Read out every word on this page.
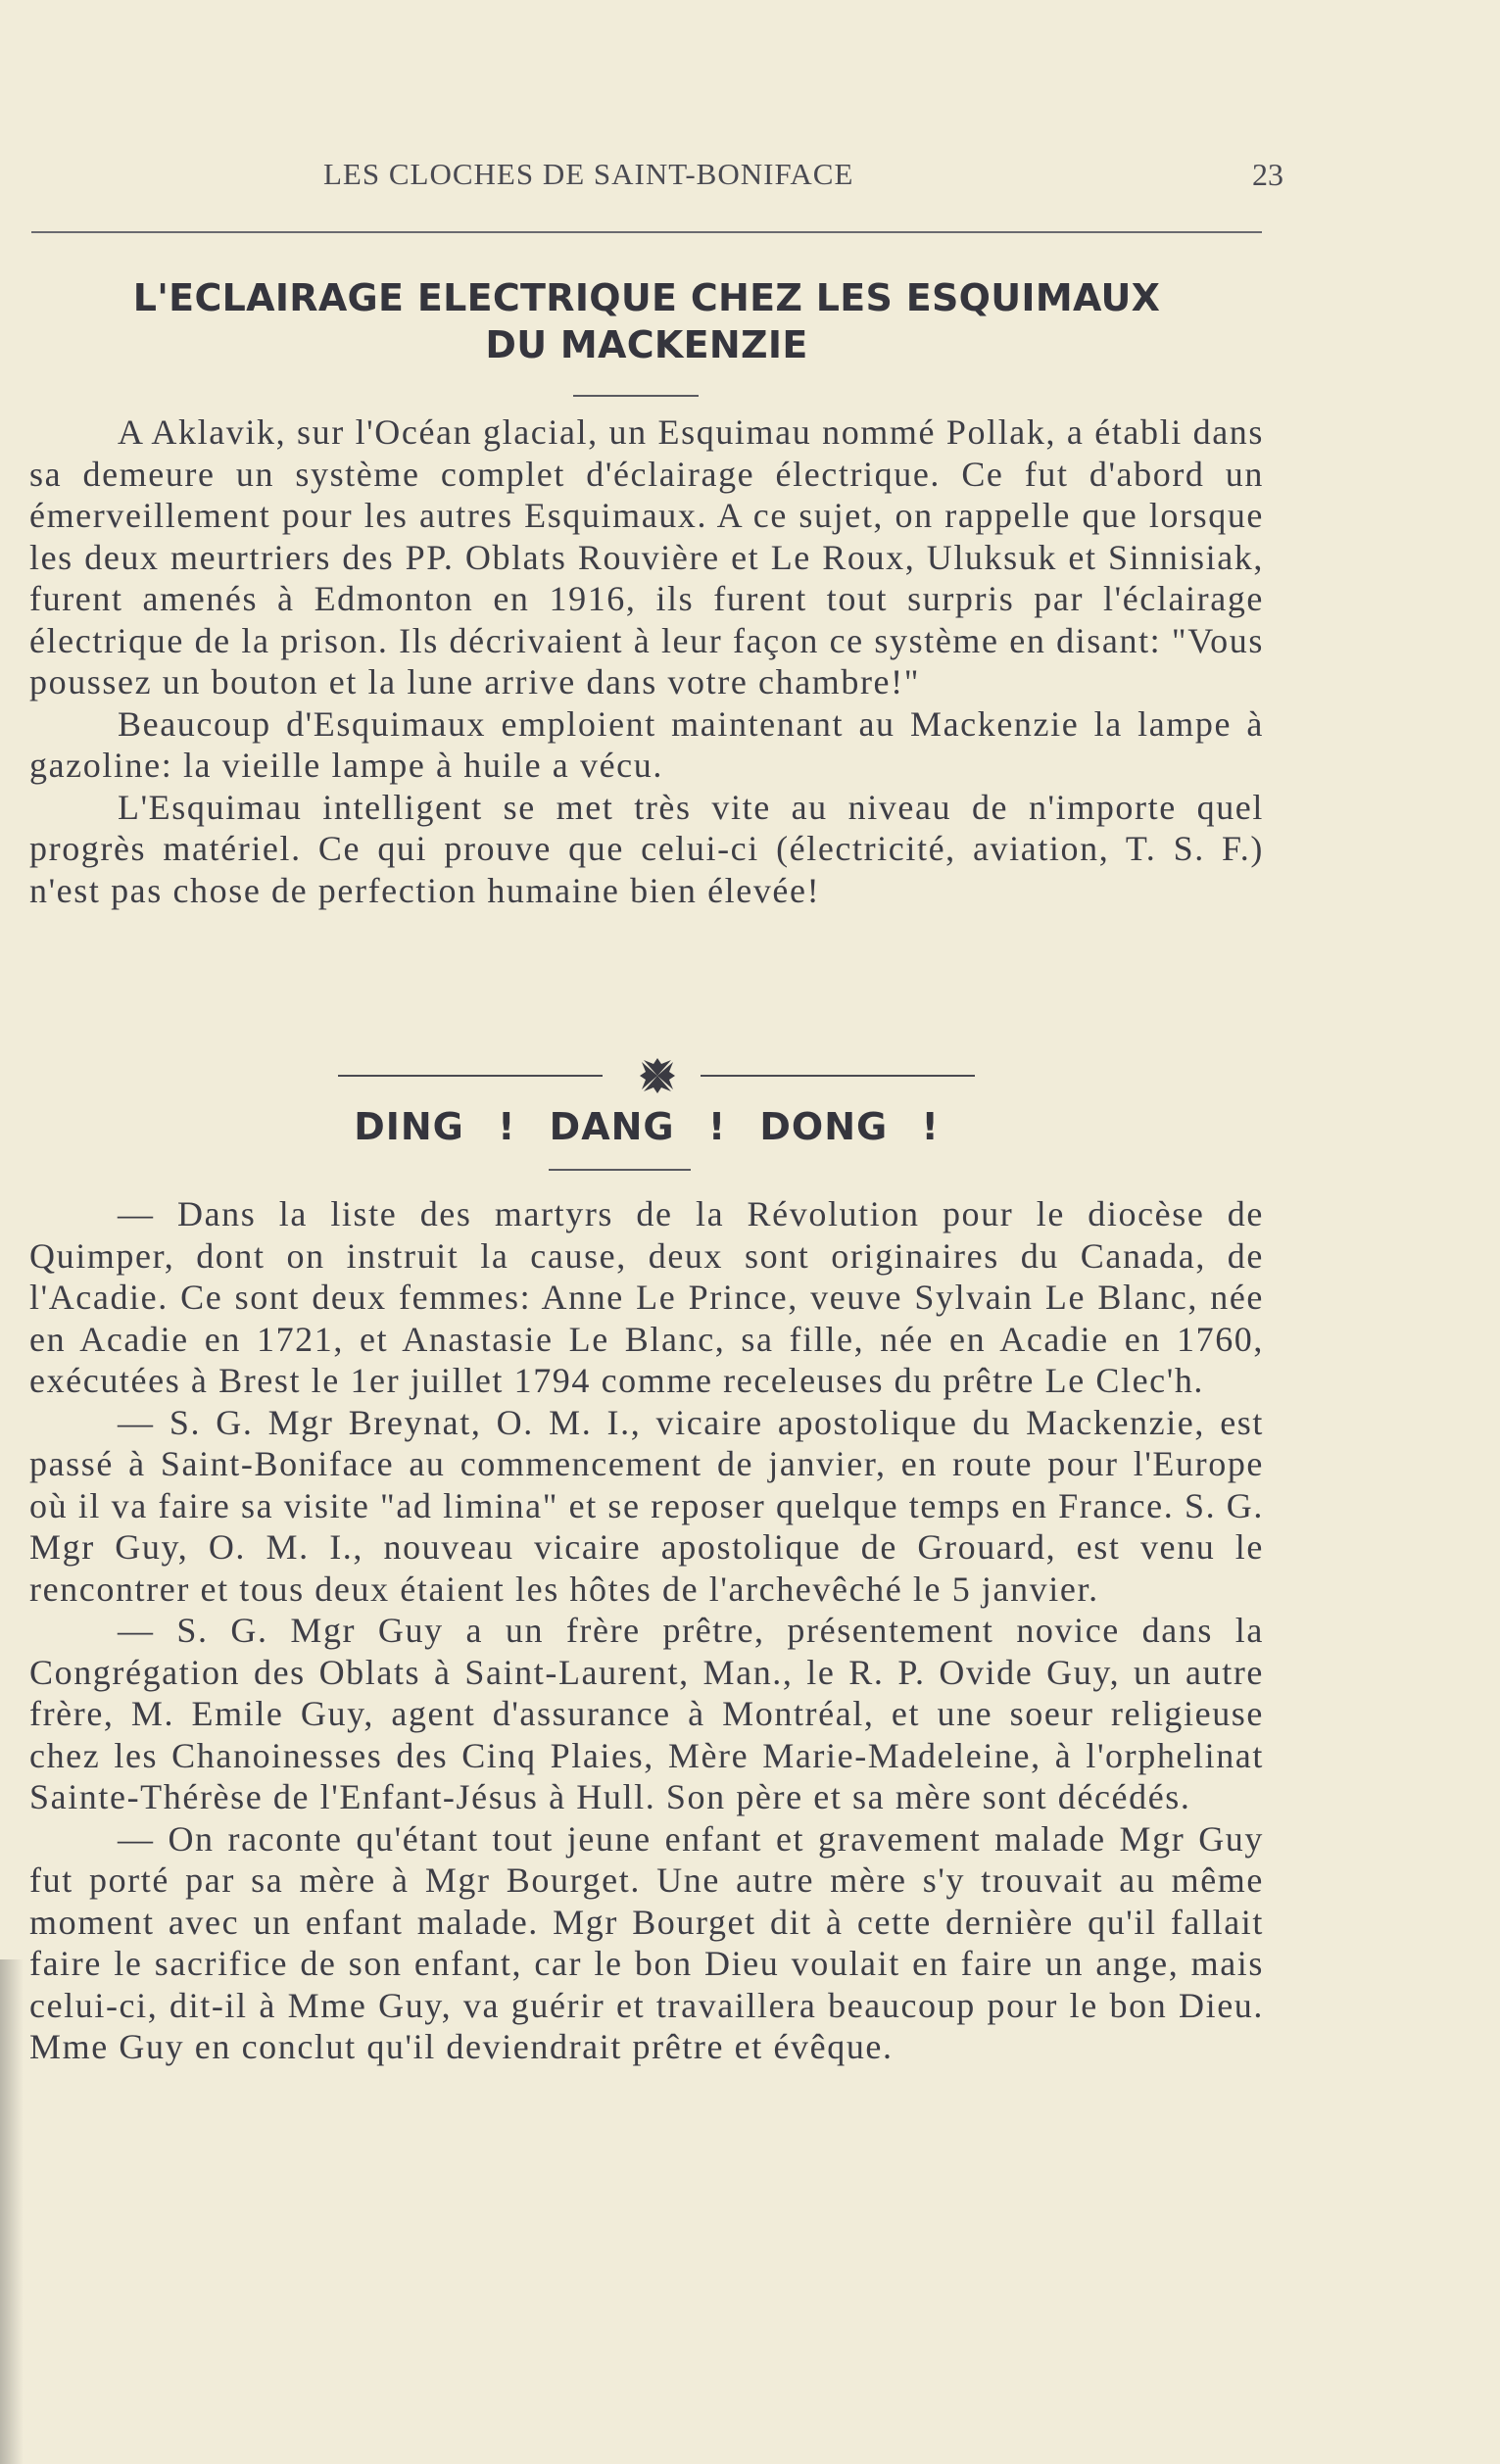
LES CLOCHES DE SAINT-BONIFACE	23
L'ECLAIRAGE ELECTRIQUE CHEZ LES ESQUIMAUX
DU MACKENZIE

A Aklavik, sur l'Océan glacial, un Esquimau nommé Pollak, a établi dans sa demeure un système complet d'éclairage électrique. Ce fut d'abord un émerveillement pour les autres Esquimaux. A ce sujet, on rappelle que lorsque les deux meurtriers des PP. Oblats Rouvière et Le Roux, Uluksuk et Sinnisiak, furent amenés à Edmonton en 1916, ils furent tout surpris par l'éclairage électrique de la prison. Ils décrivaient à leur façon ce système en disant: "Vous poussez un bouton et la lune arrive dans votre chambre!"

Beaucoup d'Esquimaux emploient maintenant au Mackenzie la lampe à gazoline: la vieille lampe à huile a vécu.

L'Esquimau intelligent se met très vite au niveau de n'importe quel progrès matériel. Ce qui prouve que celui-ci (électricité, aviation, T. S. F.) n'est pas chose de perfection humaine bien élevée!

DING ! DANG ! DONG !

— Dans la liste des martyrs de la Révolution pour le diocèse de Quimper, dont on instruit la cause, deux sont originaires du Canada, de l'Acadie. Ce sont deux femmes: Anne Le Prince, veuve Sylvain Le Blanc, née en Acadie en 1721, et Anastasie Le Blanc, sa fille, née en Acadie en 1760, exécutées à Brest le 1er juillet 1794 comme receleuses du prêtre Le Clec'h.

— S. G. Mgr Breynat, O. M. I., vicaire apostolique du Mackenzie, est passé à Saint-Boniface au commencement de janvier, en route pour l'Europe où il va faire sa visite "ad limina" et se reposer quelque temps en France. S. G. Mgr Guy, O. M. I., nouveau vicaire apostolique de Grouard, est venu le rencontrer et tous deux étaient les hôtes de l'archevêché le 5 janvier.

— S. G. Mgr Guy a un frère prêtre, présentement novice dans la Congrégation des Oblats à Saint-Laurent, Man., le R. P. Ovide Guy, un autre frère, M. Emile Guy, agent d'assurance à Montréal, et une soeur religieuse chez les Chanoinesses des Cinq Plaies, Mère Marie-Madeleine, à l'orphelinat Sainte-Thérèse de l'Enfant-Jésus à Hull. Son père et sa mère sont décédés.

— On raconte qu'étant tout jeune enfant et gravement malade Mgr Guy fut porté par sa mère à Mgr Bourget. Une autre mère s'y trouvait au même moment avec un enfant malade. Mgr Bourget dit à cette dernière qu'il fallait faire le sacrifice de son enfant, car le bon Dieu voulait en faire un ange, mais celui-ci, dit-il à Mme Guy, va guérir et travaillera beaucoup pour le bon Dieu. Mme Guy en conclut qu'il deviendrait prêtre et évêque.
